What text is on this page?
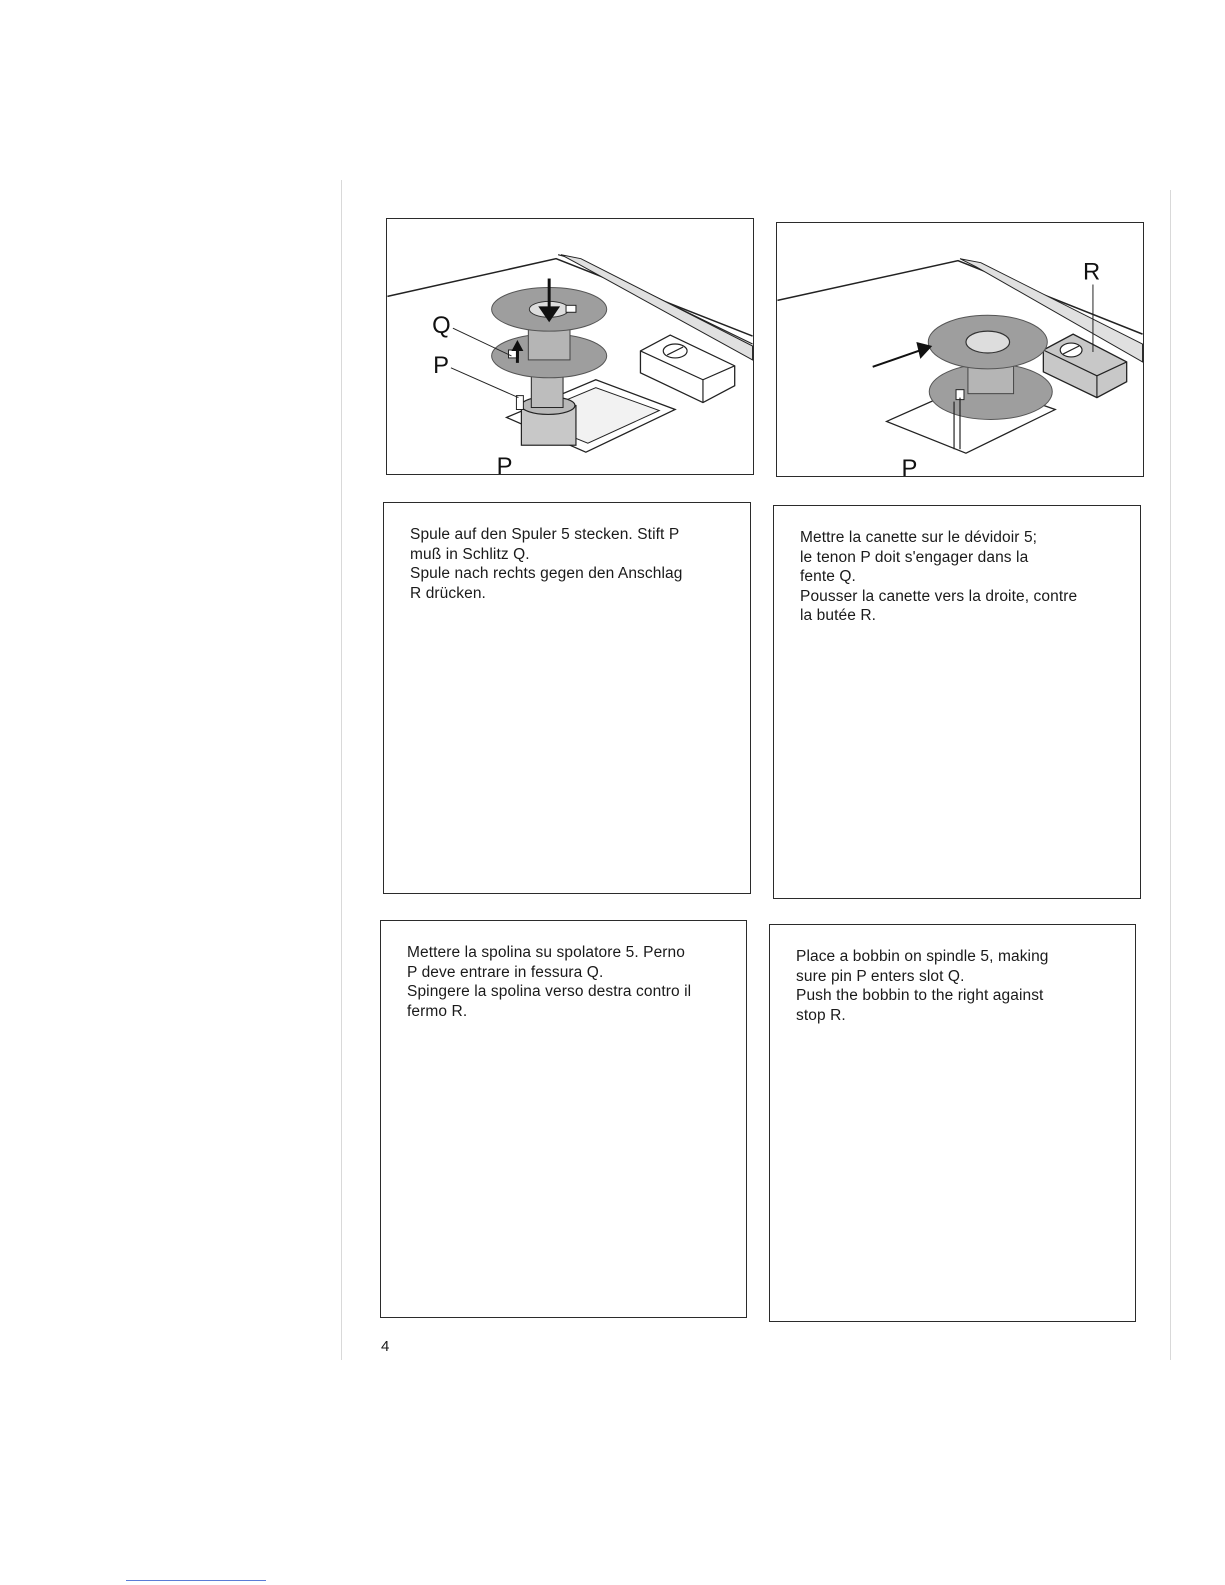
Q
P
P
R
P

Spule auf den Spuler 5 stecken. Stift P
muß in Schlitz Q.
Spule nach rechts gegen den Anschlag
R drücken.

Mettre la canette sur le dévidoir 5;
le tenon P doit s'engager dans la
fente Q.
Pousser la canette vers la droite, contre
la butée R.

Mettere la spolina su spolatore 5. Perno
P deve entrare in fessura Q.
Spingere la spolina verso destra contro il
fermo R.

Place a bobbin on spindle 5, making
sure pin P enters slot Q.
Push the bobbin to the right against
stop R.

4
